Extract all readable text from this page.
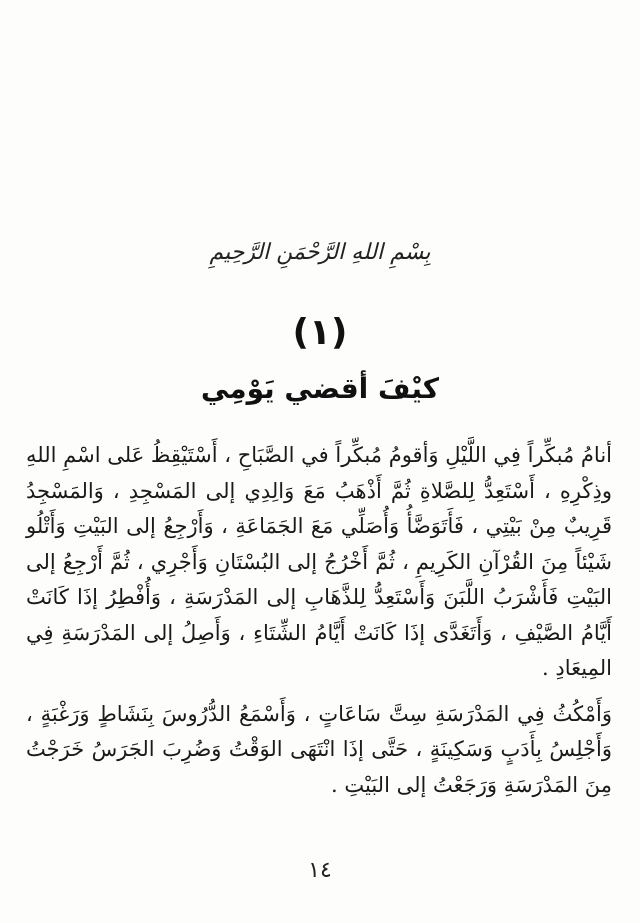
بِسْمِ اللهِ الرَّحْمَنِ الرَّحِيمِ
(١)
كيْفَ أقضي يَوْمِي

أنامُ مُبكِّراً فِي اللَّيْلِ وَأقومُ مُبكِّراً في الصَّبَاحِ ، أَسْتَيْقِظُ عَلى اسْمِ اللهِ وذِكْرِهِ ، أَسْتَعِدُّ لِلصَّلاةِ ثُمَّ أَذْهَبُ مَعَ وَالِدِي إلى المَسْجِدِ ، وَالمَسْجِدُ قَرِيبٌ مِنْ بَيْتِي ، فَأَتَوَضَّأُ وَأُصَلِّي مَعَ الجَمَاعَةِ ، وَأَرْجِعُ إلى البَيْتِ وَأَتْلُو شَيْئاً مِنَ القُرْآنِ الكَرِيمِ ، ثُمَّ أَخْرُجُ إلى البُسْتَانِ وَأَجْرِي ، ثُمَّ أَرْجِعُ إلى البَيْتِ فَأَشْرَبُ اللَّبَنَ وَأَسْتَعِدُّ لِلذَّهَابِ إلى المَدْرَسَةِ ، وَأُفْطِرُ إذَا كَانَتْ أَيَّامُ الصَّيْفِ ، وَأَتَغَدَّى إذَا كَانَتْ أَيَّامُ الشِّتَاءِ ، وَأَصِلُ إلى المَدْرَسَةِ فِي المِيعَادِ .

وَأَمْكُثُ فِي المَدْرَسَةِ سِتَّ سَاعَاتٍ ، وَأَسْمَعُ الدُّرُوسَ بِنَشَاطٍ وَرَغْبَةٍ ، وَأَجْلِسُ بِأَدَبٍ وَسَكِينَةٍ ، حَتَّى إذَا انْتَهَى الوَقْتُ وَضُرِبَ الجَرَسُ خَرَجْتُ مِنَ المَدْرَسَةِ وَرَجَعْتُ إلى البَيْتِ .

١٤
